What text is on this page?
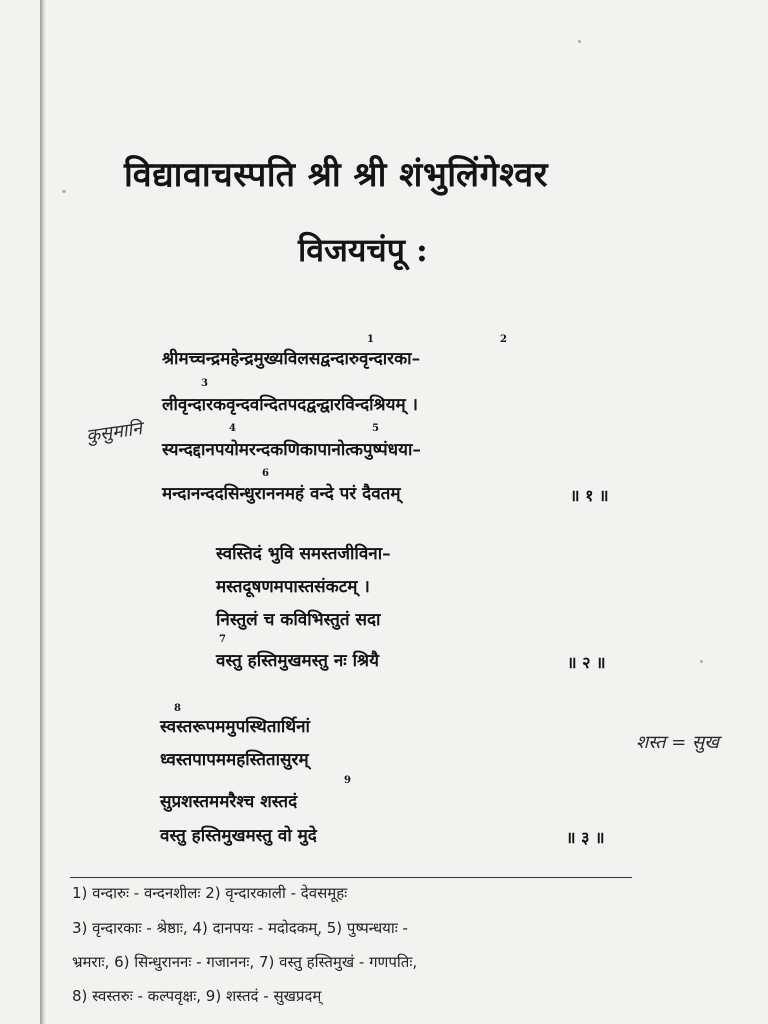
विद्यावाचस्पति श्री श्री शंभुलिंगेश्वर
विजयचंपू :
1	2
श्रीमच्चन्द्रमहेन्द्रमुख्यविलसद्वन्दारुवृन्दारका–
3
लीवृन्दारकवृन्दवन्दितपदद्वन्द्वारविन्दश्रियम् ।
4	5
स्यन्दद्दानपयोमरन्दकणिकापानोत्कपुष्पंधया–
6
मन्दानन्ददसिन्धुराननमहं वन्दे परं दैवतम्	॥ १ ॥
स्वस्तिदं भुवि समस्तजीविना–
मस्तदूषणमपास्तसंकटम् ।
निस्तुलं च कविभिस्तुतं सदा
7
वस्तु हस्तिमुखमस्तु नः श्रियै	॥ २ ॥
8
स्वस्तरूपममुपस्थितार्थिनां
ध्वस्तपापममहस्तितासुरम्
9
सुप्रशस्तममरैश्च शस्तदं
वस्तु हस्तिमुखमस्तु वो मुदे	॥ ३ ॥
कुसुमानि
शस्त = सुख
1) वन्दारुः - वन्दनशीलः 2) वृन्दारकाली - देवसमूहः
3) वृन्दारकाः - श्रेष्ठाः, 4) दानपयः - मदोदकम्, 5) पुष्पन्धयाः -
भ्रमराः, 6) सिन्धुराननः - गजाननः, 7) वस्तु हस्तिमुखं - गणपतिः,
8) स्वस्तरुः - कल्पवृक्षः, 9) शस्तदं - सुखप्रदम्
